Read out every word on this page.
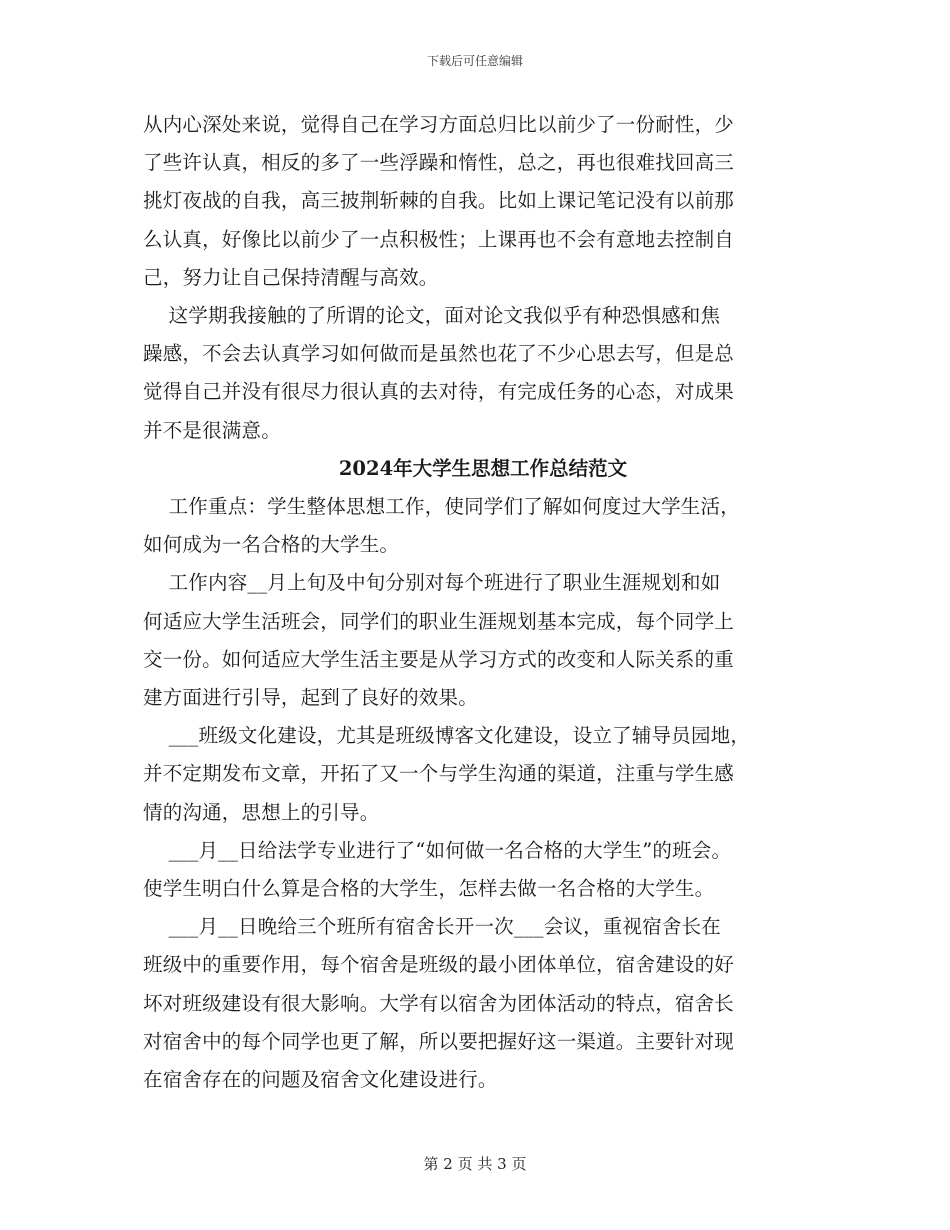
下载后可任意编辑

从内心深处来说，觉得自己在学习方面总归比以前少了一份耐性，少
了些许认真，相反的多了一些浮躁和惰性，总之，再也很难找回高三
挑灯夜战的自我，高三披荆斩棘的自我。比如上课记笔记没有以前那
么认真，好像比以前少了一点积极性；上课再也不会有意地去控制自
己，努力让自己保持清醒与高效。

这学期我接触的了所谓的论文，面对论文我似乎有种恐惧感和焦
躁感，不会去认真学习如何做而是虽然也花了不少心思去写，但是总
觉得自己并没有很尽力很认真的去对待，有完成任务的心态，对成果
并不是很满意。

2024年大学生思想工作总结范文

工作重点：学生整体思想工作，使同学们了解如何度过大学生活，
如何成为一名合格的大学生。

工作内容__月上旬及中旬分别对每个班进行了职业生涯规划和如
何适应大学生活班会，同学们的职业生涯规划基本完成，每个同学上
交一份。如何适应大学生活主要是从学习方式的改变和人际关系的重
建方面进行引导，起到了良好的效果。

___班级文化建设，尤其是班级博客文化建设，设立了辅导员园地，
并不定期发布文章，开拓了又一个与学生沟通的渠道，注重与学生感
情的沟通，思想上的引导。

___月__日给法学专业进行了“如何做一名合格的大学生”的班会。
使学生明白什么算是合格的大学生，怎样去做一名合格的大学生。

___月__日晚给三个班所有宿舍长开一次___会议，重视宿舍长在
班级中的重要作用，每个宿舍是班级的最小团体单位，宿舍建设的好
坏对班级建设有很大影响。大学有以宿舍为团体活动的特点，宿舍长
对宿舍中的每个同学也更了解，所以要把握好这一渠道。主要针对现
在宿舍存在的问题及宿舍文化建设进行。

第 2 页 共 3 页
